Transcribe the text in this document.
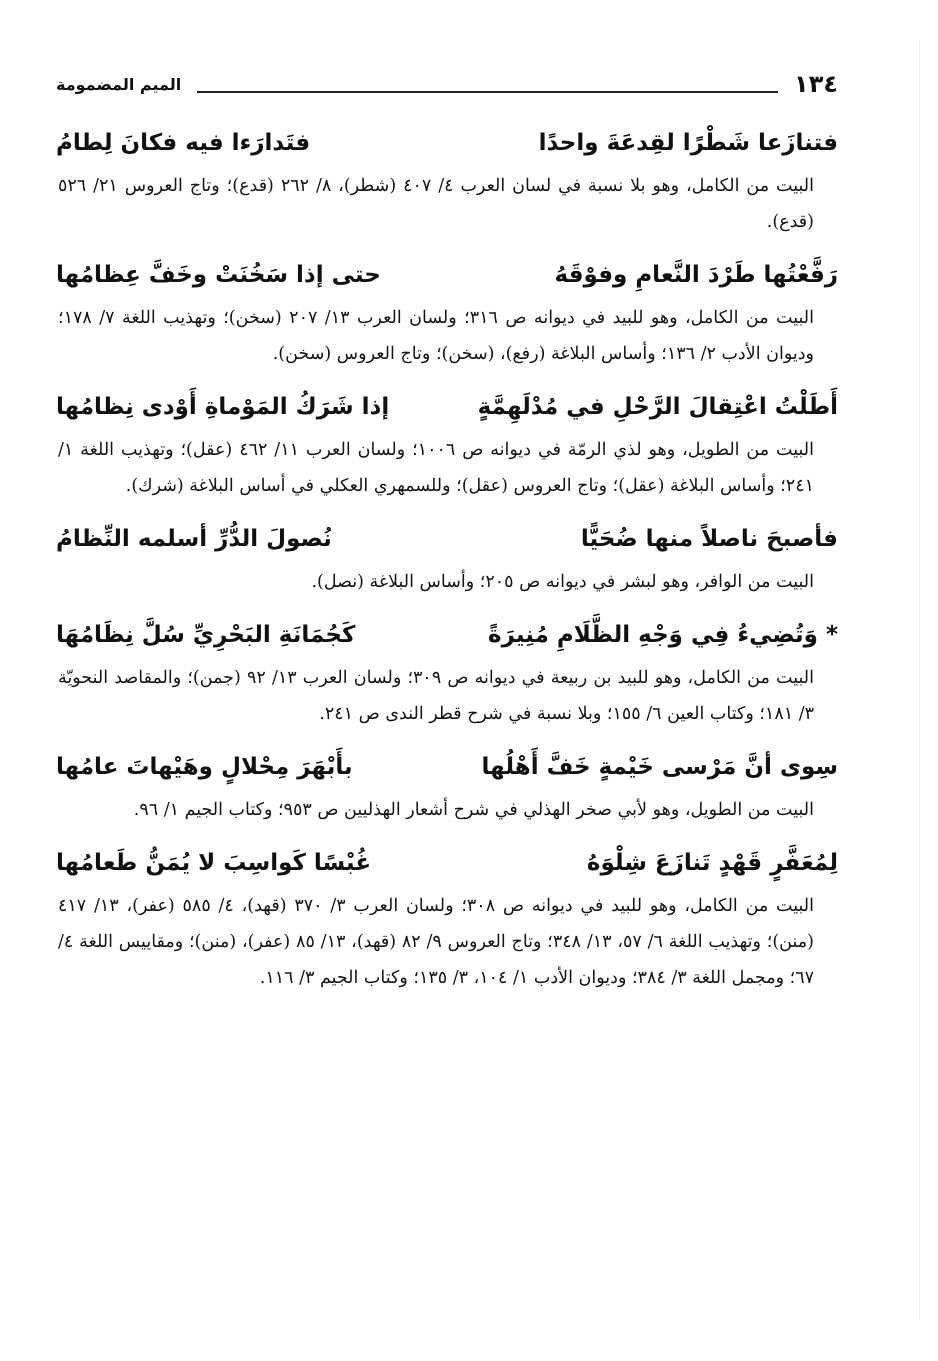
١٣٤
الميم المضمومة
فتنازَعا شَطْرًا لقِدعَةَ واحدًا
فتَدارَءا فيه فكانَ لِطامُ
البيت من الكامل، وهو بلا نسبة في لسان العرب ٤/ ٤٠٧ (شطر)، ٨/ ٢٦٢ (قدع)؛ وتاج العروس ٢١/ ٥٢٦ (قدع).
رَفَّعْتُها طَرْدَ النَّعامِ وفوْقَهُ
حتى إذا سَخُنَتْ وخَفَّ عِظامُها
البيت من الكامل، وهو للبيد في ديوانه ص ٣١٦؛ ولسان العرب ١٣/ ٢٠٧ (سخن)؛ وتهذيب اللغة ٧/ ١٧٨؛ وديوان الأدب ٢/ ١٣٦؛ وأساس البلاغة (رفع)، (سخن)؛ وتاج العروس (سخن).
أَطَلْتُ اعْتِقالَ الرَّحْلِ في مُدْلَهِمَّةٍ
إذا شَرَكُ المَوْماةِ أَوْدى نِظامُها
البيت من الطويل، وهو لذي الرمّة في ديوانه ص ١٠٠٦؛ ولسان العرب ١١/ ٤٦٢ (عقل)؛ وتهذيب اللغة ١/ ٢٤١؛ وأساس البلاغة (عقل)؛ وتاج العروس (عقل)؛ وللسمهري العكلي في أساس البلاغة (شرك).
فأصبحَ ناصلاً منها ضُحَيًّا
نُصولَ الدُّرِّ أسلمه النِّظامُ
البيت من الوافر، وهو لبشر في ديوانه ص ٢٠٥؛ وأساس البلاغة (نصل).
* وَتُضِيءُ فِي وَجْهِ الظَّلَامِ مُنِيرَةً
كَجُمَانَةِ البَحْرِيِّ سُلَّ نِظَامُهَا
البيت من الكامل، وهو للبيد بن ربيعة في ديوانه ص ٣٠٩؛ ولسان العرب ١٣/ ٩٢ (جمن)؛ والمقاصد النحويّة ٣/ ١٨١؛ وكتاب العين ٦/ ١٥٥؛ وبلا نسبة في شرح قطر الندى ص ٢٤١.
سِوى أنَّ مَرْسى خَيْمةٍ خَفَّ أَهْلُها
بأَبْهَرَ مِحْلالٍ وهَيْهاتَ عامُها
البيت من الطويل، وهو لأبي صخر الهذلي في شرح أشعار الهذليين ص ٩٥٣؛ وكتاب الجيم ١/ ٩٦.
لِمُعَفَّرٍ قَهْدٍ تَنازَعَ شِلْوَهُ
غُبْسًا كَواسِبَ لا يُمَنُّ طَعامُها
البيت من الكامل، وهو للبيد في ديوانه ص ٣٠٨؛ ولسان العرب ٣/ ٣٧٠ (قهد)، ٤/ ٥٨٥ (عفر)، ١٣/ ٤١٧ (منن)؛ وتهذيب اللغة ٦/ ٥٧، ١٣/ ٣٤٨؛ وتاج العروس ٩/ ٨٢ (قهد)، ١٣/ ٨٥ (عفر)، (منن)؛ ومقاييس اللغة ٤/ ٦٧؛ ومجمل اللغة ٣/ ٣٨٤؛ وديوان الأدب ١/ ١٠٤، ٣/ ١٣٥؛ وكتاب الجيم ٣/ ١١٦.
